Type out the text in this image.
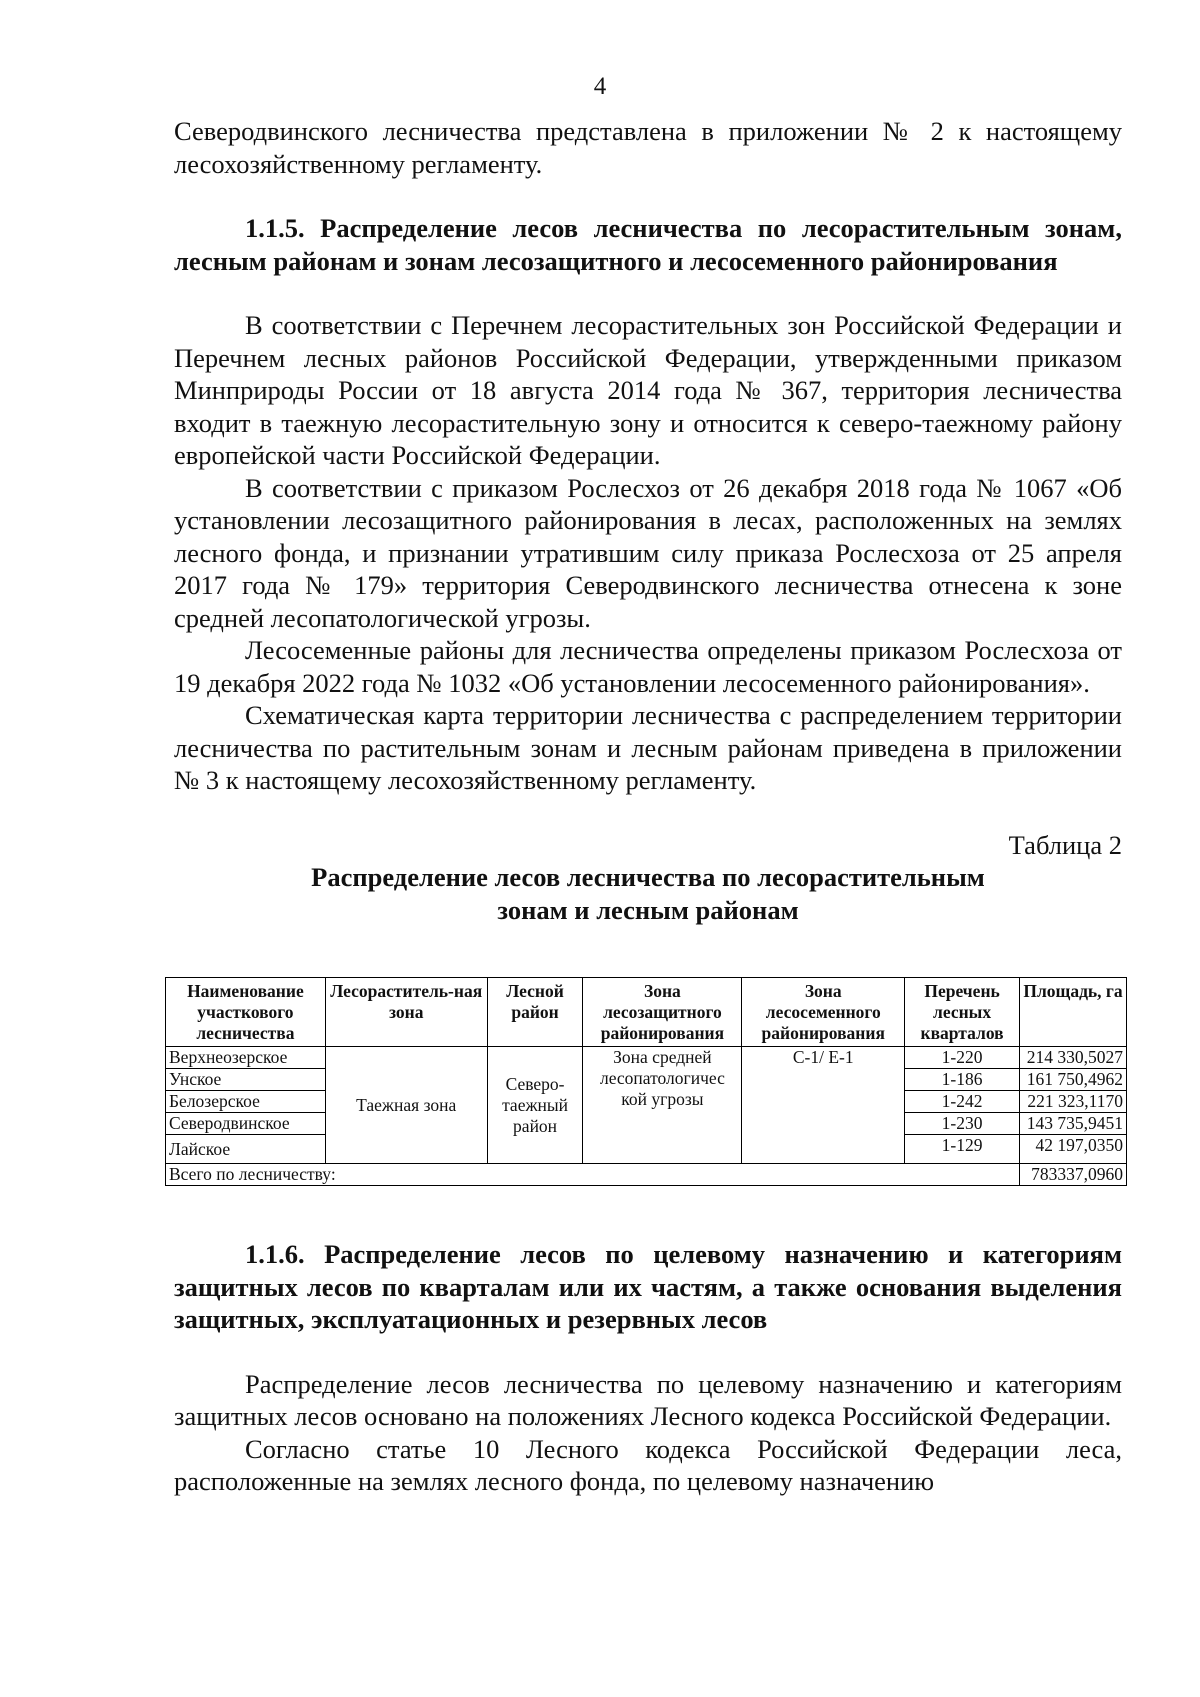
4

Северодвинского лесничества представлена в приложении № 2 к настоящему лесохозяйственному регламенту.

1.1.5. Распределение лесов лесничества по лесорастительным зонам, лесным районам и зонам лесозащитного и лесосеменного районирования

В соответствии с Перечнем лесорастительных зон Российской Федерации и Перечнем лесных районов Российской Федерации, утвержденными приказом Минприроды России от 18 августа 2014 года № 367, территория лесничества входит в таежную лесорастительную зону и относится к северо-таежному району европейской части Российской Федерации.

В соответствии с приказом Рослесхоз от 26 декабря 2018 года № 1067 «Об установлении лесозащитного районирования в лесах, расположенных на землях лесного фонда, и признании утратившим силу приказа Рослесхоза от 25 апреля 2017 года № 179» территория Северодвинского лесничества отнесена к зоне средней лесопатологической угрозы.

Лесосеменные районы для лесничества определены приказом Рослесхоза от 19 декабря 2022 года № 1032 «Об установлении лесосеменного районирования».

Схематическая карта территории лесничества с распределением территории лесничества по растительным зонам и лесным районам приведена в приложении № 3 к настоящему лесохозяйственному регламенту.

Таблица 2
Распределение лесов лесничества по лесорастительным
зонам и лесным районам
Наименование участкового лесничества	Лесораститель-ная зона	Лесной район	Зона лесозащитного районирования	Зона лесосеменного районирования	Перечень лесных кварталов	Площадь, га
Верхнеозерское	Таежная зона	Северо-таежный район	Зона средней лесопатологичес кой угрозы	С-1/ Е-1	1-220	214 330,5027
Унское					1-186	161 750,4962
Белозерское					1-242	221 323,1170
Северодвинское					1-230	143 735,9451
Лайское					1-129	42 197,0350
Всего по лесничеству:						783337,0960

1.1.6. Распределение лесов по целевому назначению и категориям защитных лесов по кварталам или их частям, а также основания выделения защитных, эксплуатационных и резервных лесов

Распределение лесов лесничества по целевому назначению и категориям защитных лесов основано на положениях Лесного кодекса Российской Федерации.

Согласно статье 10 Лесного кодекса Российской Федерации леса, расположенные на землях лесного фонда, по целевому назначению
